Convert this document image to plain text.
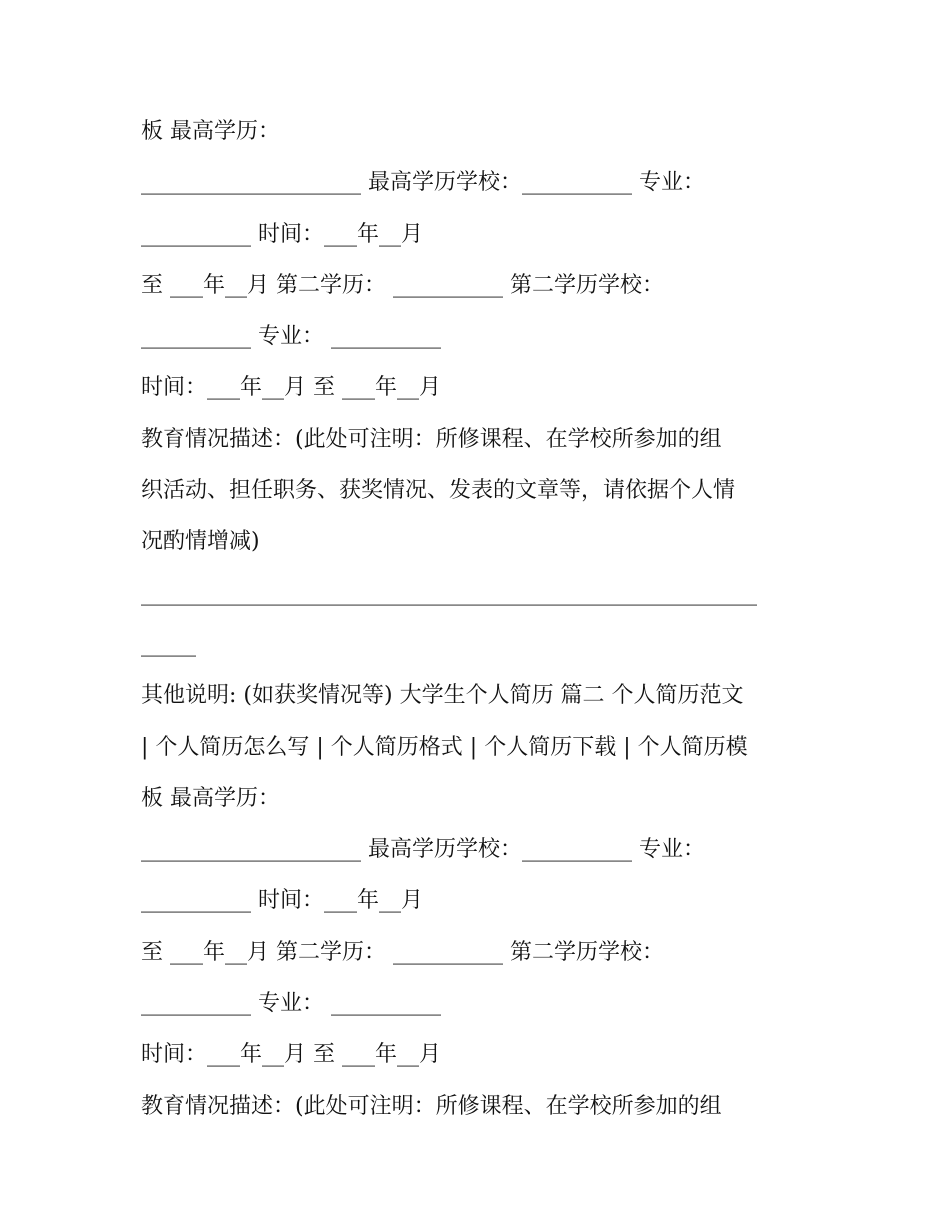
板 最高学历：
____________________ 最高学历学校：__________ 专业：
__________ 时间：___年__月
至 ___年__月 第二学历： __________ 第二学历学校：
__________ 专业： __________
时间：___年__月 至 ___年__月
教育情况描述：(此处可注明：所修课程、在学校所参加的组
织活动、担任职务、获奖情况、发表的文章等，请依据个人情
况酌情增减)
________________________________________________________
_____
其他说明: (如获奖情况等) 大学生个人简历 篇二 个人简历范文
| 个人简历怎么写 | 个人简历格式 | 个人简历下载 | 个人简历模
板 最高学历：
____________________ 最高学历学校：__________ 专业：
__________ 时间：___年__月
至 ___年__月 第二学历： __________ 第二学历学校：
__________ 专业： __________
时间：___年__月 至 ___年__月
教育情况描述：(此处可注明：所修课程、在学校所参加的组
